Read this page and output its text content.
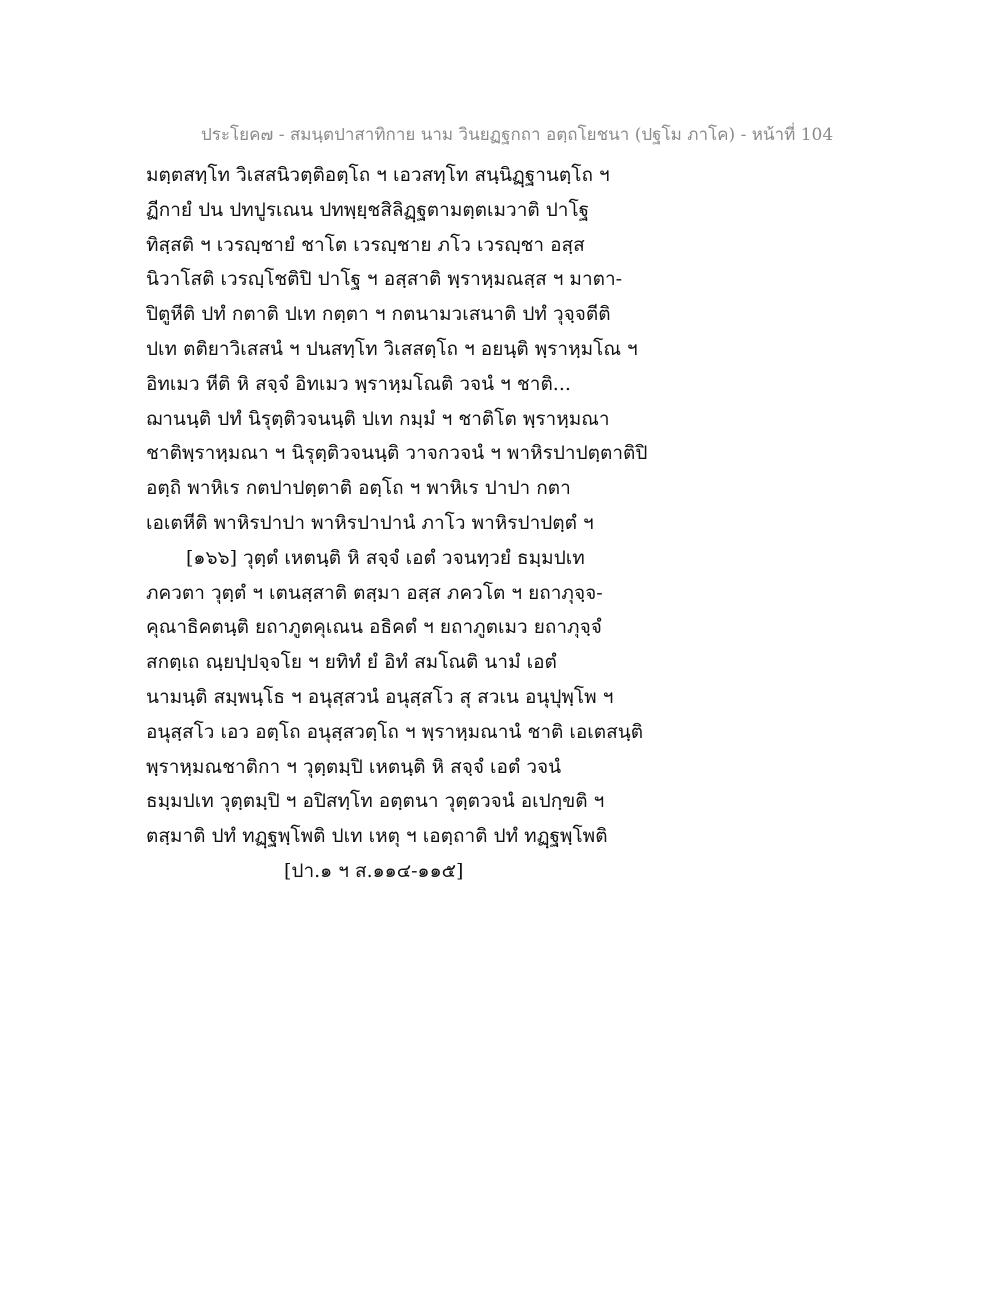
ประโยค๗ - สมนฺตปาสาทิกาย นาม วินยฏฐกถา อตฺถโยชนา (ปฐโม ภาโค) - หน้าที่ 104
มตฺตสทฺโท วิเสสนิวตฺติอตฺโถ ฯ เอวสทฺโท สนฺนิฏฺฐานตฺโถ ฯ
ฏีกายํ ปน ปทปูรเณน ปทพฺยฺชสิลิฏฺฐตามตฺตเมวาติ ปาโฐ
ทิสฺสติ ฯ เวรญฺชายํ ชาโต เวรญฺชาย ภโว เวรญฺชา อสฺส
นิวาโสติ เวรญฺโชติปิ ปาโฐ ฯ อสฺสาติ พฺราหฺมณสฺส ฯ มาตา-
ปิตูหีติ ปทํ กตาติ ปเท กตฺตา ฯ กตนามวเสนาติ ปทํ วุจฺจตีติ
ปเท ตติยาวิเสสนํ ฯ ปนสทฺโท วิเสสตฺโถ ฯ อยนฺติ พฺราหฺมโณ ฯ
อิทเมว หีติ หิ สจฺจํ อิทเมว พฺราหฺมโณติ วจนํ ฯ ชาติ...
ฌานนฺติ ปทํ นิรุตฺติวจนนฺติ ปเท กมฺมํ ฯ ชาติโต พฺราหฺมณา
ชาติพฺราหฺมณา ฯ นิรุตฺติวจนนฺติ วาจกวจนํ ฯ พาหิรปาปตฺตาติปิ
อตฺถิ พาหิเร กตปาปตฺตาติ อตฺโถ ฯ พาหิเร ปาปา กตา
เอเตหีติ พาหิรปาปา พาหิรปาปานํ ภาโว พาหิรปาปตฺตํ ฯ
[๑๖๖] วุตฺตํ เหตนฺติ หิ สจฺจํ เอตํ วจนทฺวยํ ธมฺมปเท
ภควตา วุตฺตํ ฯ เตนสฺสาติ ตสฺมา อสฺส ภควโต ฯ ยถาภุจฺจ-
คุณาธิคตนฺติ ยถาภูตคุเณน อธิคตํ ฯ ยถาภูตเมว ยถาภุจฺจํ
สกตฺเถ ณฺยปฺปจฺจโย ฯ ยทิทํ ยํ อิทํ สมโณติ นามํ เอตํ
นามนฺติ สมฺพนฺโธ ฯ อนุสฺสวนํ อนุสฺสโว สุ สวเน อนุปุพฺโพ ฯ
อนุสฺสโว เอว อตฺโถ อนุสฺสวตฺโถ ฯ พฺราหฺมณานํ ชาติ เอเตสนฺติ
พฺราหฺมณชาติกา ฯ วุตฺตมฺปิ เหตนฺติ หิ สจฺจํ เอตํ วจนํ
ธมฺมปเท วุตฺตมฺปิ ฯ อปิสทฺโท อตฺตนา วุตฺตวจนํ อเปกฺขติ ฯ
ตสฺมาติ ปทํ ทฏฺฐพฺโพติ ปเท เหตุ ฯ เอตฺถาติ ปทํ ทฏฺฐพฺโพติ
[ปา.๑ ฯ ส.๑๑๔-๑๑๕]
